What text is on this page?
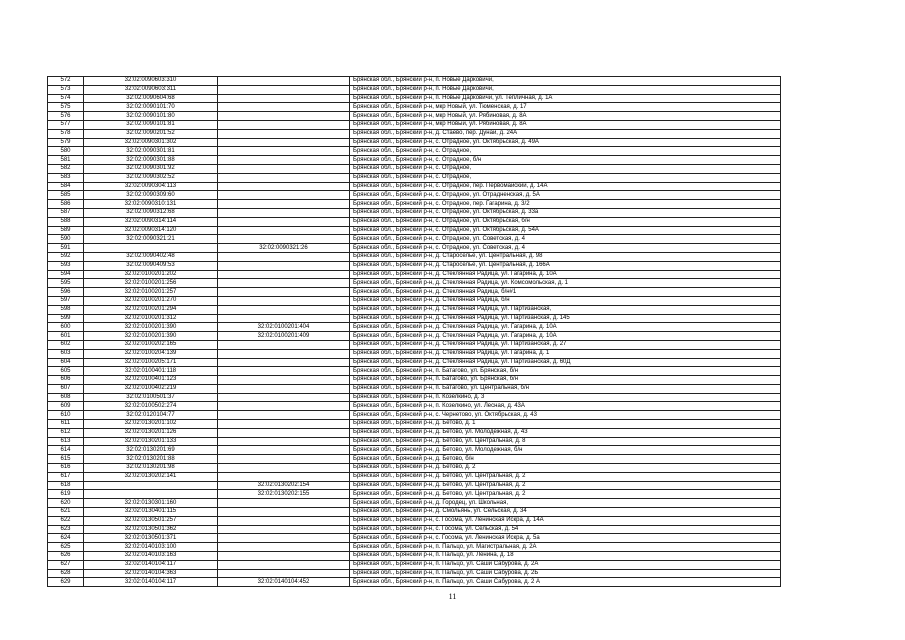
572	32:02:0090603:310		Брянская обл., Брянский р-н, п. Новые Дарковичи,
573	32:02:0090603:311		Брянская обл., Брянский р-н, п. Новые Дарковичи,
574	32:02:0090604:68		Брянская обл., Брянский р-н, п. Новые Дарковичи, ул. Тепличная, д. 1А
575	32:02:0090101:70		Брянская обл., Брянский р-н, мкр Новый, ул. Тюменская, д. 17
576	32:02:0090101:80		Брянская обл., Брянский р-н, мкр Новый, ул. Рябиновая, д. 8А
577	32:02:0090101:81		Брянская обл., Брянский р-н, мкр Новый, ул. Рябиновая, д. 8А
578	32:02:0090201:52		Брянская обл., Брянский р-н, д. Стаево, пер. Дунай, д. 24А
579	32:02:0090301:302		Брянская обл., Брянский р-н, с. Отрадное, ул. Октябрьская, д. 49А
580	32:02:0090301:81		Брянская обл., Брянский р-н, с. Отрадное,
581	32:02:0090301:88		Брянская обл., Брянский р-н, с. Отрадное, б/н
582	32:02:0090301:92		Брянская обл., Брянский р-н, с. Отрадное,
583	32:02:0090302:52		Брянская обл., Брянский р-н, с. Отрадное,
584	32:02:0090304:113		Брянская обл., Брянский р-н, с. Отрадное, пер. Первомайский, д. 14А
585	32:02:0090309:60		Брянская обл., Брянский р-н, с. Отрадное, ул. Отрадненская, д. 5А
586	32:02:0090310:131		Брянская обл., Брянский р-н, с. Отрадное, пер. Гагарина, д. 3/2
587	32:02:0090312:68		Брянская обл., Брянский р-н, с. Отрадное, ул. Октябрьская, д. 33а
588	32:02:0090314:114		Брянская обл., Брянский р-н, с. Отрадное, ул. Октябрьская, б/н
589	32:02:0090314:120		Брянская обл., Брянский р-н, с. Отрадное, ул. Октябрьская, д. 54А
590	32:02:0090321:21		Брянская обл., Брянский р-н, с. Отрадное, ул. Советская, д. 4
591		32:02:0090321:26	Брянская обл., Брянский р-н, с. Отрадное, ул. Советская, д. 4
592	32:02:0090402:48		Брянская обл., Брянский р-н, д. Староселье, ул. Центральная, д. 98
593	32:02:0090409:53		Брянская обл., Брянский р-н, д. Староселье, ул. Центральная, д. 166А
594	32:02:0100201:202		Брянская обл., Брянский р-н, д. Стеклянная Радица, ул. Гагарина, д. 10А
595	32:02:0100201:256		Брянская обл., Брянский р-н, д. Стеклянная Радица, ул. Комсомольская, д. 1
596	32:02:0100201:257		Брянская обл., Брянский р-н, д. Стеклянная Радица, б/н#1
597	32:02:0100201:270		Брянская обл., Брянский р-н, д. Стеклянная Радица, б/н
598	32:02:0100201:294		Брянская обл., Брянский р-н, д. Стеклянная Радица, ул. Партизанская,
599	32:02:0100201:312		Брянская обл., Брянский р-н, д. Стеклянная Радица, ул. Партизанская, д. 145
600	32:02:0100201:390	32:02:0100201:404	Брянская обл., Брянский р-н, д. Стеклянная Радица, ул. Гагарина, д. 10А
601	32:02:0100201:390	32:02:0100201:409	Брянская обл., Брянский р-н, д. Стеклянная Радица, ул. Гагарина, д. 10А
602	32:02:0100202:165		Брянская обл., Брянский р-н, д. Стеклянная Радица, ул. Партизанская, д. 27
603	32:02:0100204:139		Брянская обл., Брянский р-н, д. Стеклянная Радица, ул. Гагарина, д. 1
604	32:02:0100205:171		Брянская обл., Брянский р-н, д. Стеклянная Радица, ул. Партизанская, д. 60Д
605	32:02:0100401:118		Брянская обл., Брянский р-н, п. Батагово, ул. Брянская, б/н
606	32:02:0100401:123		Брянская обл., Брянский р-н, п. Батагово, ул. Брянская, б/н
607	32:02:0100402:219		Брянская обл., Брянский р-н, п. Батагово, ул. Центральная, б/н
608	32:02:0100501:37		Брянская обл., Брянский р-н, п. Козелкино, д. 3
609	32:02:0100502:274		Брянская обл., Брянский р-н, п. Козелкино, ул. Лесная, д. 43А
610	32:02:0120104:77		Брянская обл., Брянский р-н, с. Чернетово, ул. Октябрьская, д. 43
611	32:02:0130201:102		Брянская обл., Брянский р-н, д. Бетово, д. 1
612	32:02:0130201:126		Брянская обл., Брянский р-н, д. Бетово, ул. Молодежная, д. 43
613	32:02:0130201:133		Брянская обл., Брянский р-н, д. Бетово, ул. Центральная, д. 8
614	32:02:0130201:69		Брянская обл., Брянский р-н, д. Бетово, ул. Молодежная, б/н
615	32:02:0130201:88		Брянская обл., Брянский р-н, д. Бетово, б/н
616	32:02:0130201:98		Брянская обл., Брянский р-н, д. Бетово, д. 2
617	32:02:0130202:141		Брянская обл., Брянский р-н, д. Бетово, ул. Центральная, д. 2
618		32:02:0130202:154	Брянская обл., Брянский р-н, д. Бетово, ул. Центральная, д. 2
619		32:02:0130202:155	Брянская обл., Брянский р-н, д. Бетово, ул. Центральная, д. 2
620	32:02:0130301:160		Брянская обл., Брянский р-н, д. Городец, ул. Школьная,
621	32:02:0130401:115		Брянская обл., Брянский р-н, д. Смольянь, ул. Сельская, д. 34
622	32:02:0130501:257		Брянская обл., Брянский р-н, с. Госома, ул. Ленинская Искра, д. 14А
623	32:02:0130501:362		Брянская обл., Брянский р-н, с. Госома, ул. Сельская, д. 54
624	32:02:0130501:371		Брянская обл., Брянский р-н, с. Госома, ул. Ленинская Искра, д. 5а
625	32:02:0140103:100		Брянская обл., Брянский р-н, п. Пальцо, ул. Магистральная, д. 2А
626	32:02:0140103:163		Брянская обл., Брянский р-н, п. Пальцо, ул. Ленина, д. 18
627	32:02:0140104:117		Брянская обл., Брянский р-н, п. Пальцо, ул. Саши Сабурова, д. 2А
628	32:02:0140104:363		Брянская обл., Брянский р-н, п. Пальцо, ул. Саши Сабурова, д. 2Б
629	32:02:0140104:117	32:02:0140104:452	Брянская обл., Брянский р-н, п. Пальцо, ул. Саши Сабурова, д. 2 А
11
